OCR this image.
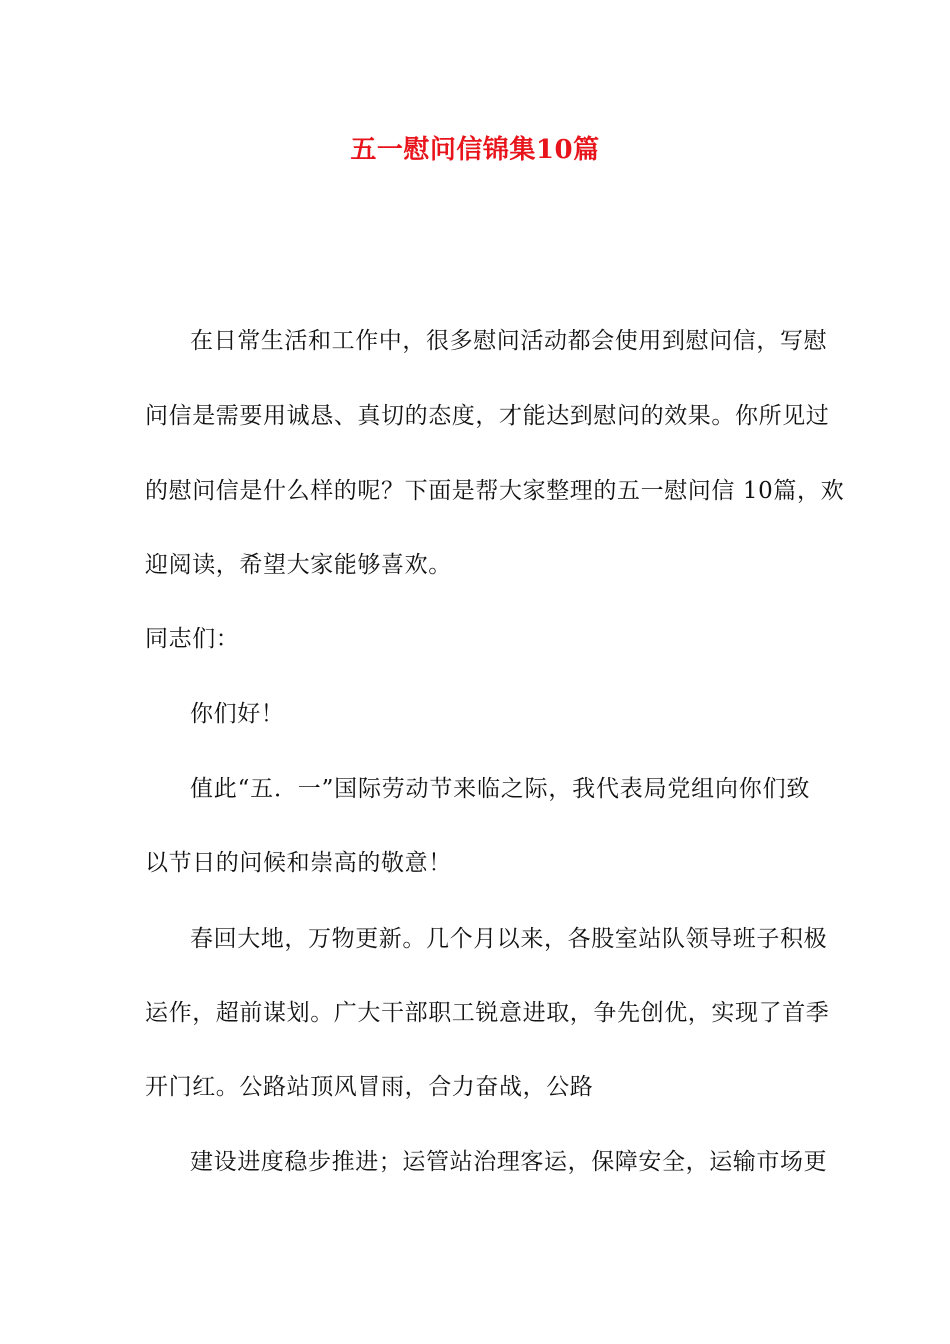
五一慰问信锦集10篇
在日常生活和工作中，很多慰问活动都会使用到慰问信，写慰
问信是需要用诚恳、真切的态度，才能达到慰问的效果。你所见过
的慰问信是什么样的呢？下面是帮大家整理的五一慰问信 10篇，欢
迎阅读，希望大家能够喜欢。
同志们：
你们好！
值此“五．一”国际劳动节来临之际，我代表局党组向你们致
以节日的问候和崇高的敬意！
春回大地，万物更新。几个月以来，各股室站队领导班子积极
运作，超前谋划。广大干部职工锐意进取，争先创优，实现了首季
开门红。公路站顶风冒雨，合力奋战，公路
建设进度稳步推进；运管站治理客运，保障安全，运输市场更
